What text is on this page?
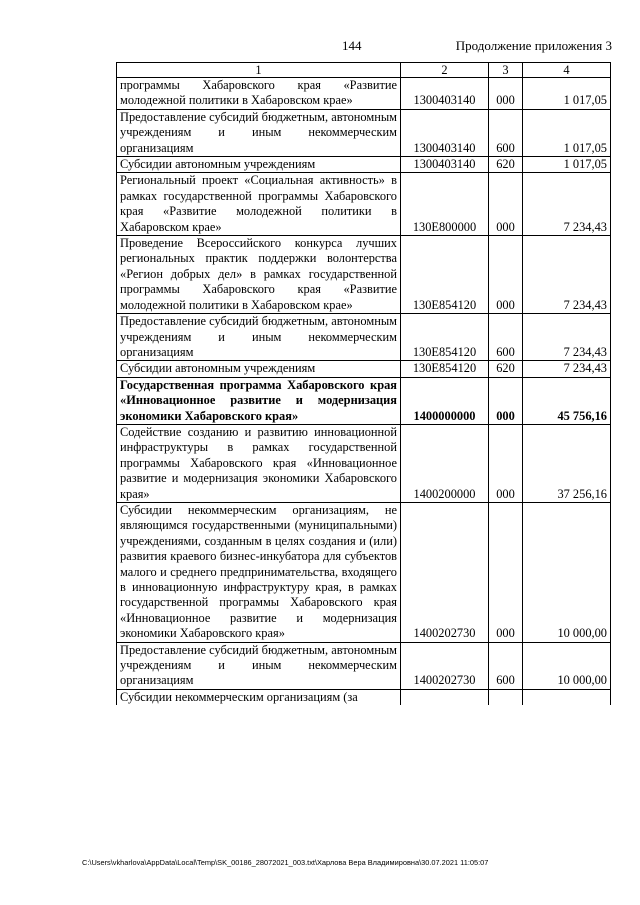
144	Продолжение приложения 3
1	2	3	4
программы Хабаровского края «Развитие молодежной политики в Хабаровском крае»	1300403140	000	1 017,05
Предоставление субсидий бюджетным, автономным учреждениям и иным некоммерческим организациям	1300403140	600	1 017,05
Субсидии автономным учреждениям	1300403140	620	1 017,05
Региональный проект «Социальная активность» в рамках государственной программы Хабаровского края «Развитие молодежной политики в Хабаровском крае»	130E800000	000	7 234,43
Проведение Всероссийского конкурса лучших региональных практик поддержки волонтерства «Регион добрых дел» в рамках государственной программы Хабаровского края «Развитие молодежной политики в Хабаровском крае»	130E854120	000	7 234,43
Предоставление субсидий бюджетным, автономным учреждениям и иным некоммерческим организациям	130E854120	600	7 234,43
Субсидии автономным учреждениям	130E854120	620	7 234,43
Государственная программа Хабаровского края «Инновационное развитие и модернизация экономики Хабаровского края»	1400000000	000	45 756,16
Содействие созданию и развитию инновационной инфраструктуры в рамках государственной программы Хабаровского края «Инновационное развитие и модернизация экономики Хабаровского края»	1400200000	000	37 256,16
Субсидии некоммерческим организациям, не являющимся государственными (муниципальными) учреждениями, созданным в целях создания и (или) развития краевого бизнес-инкубатора для субъектов малого и среднего предпринимательства, входящего в инновационную инфраструктуру края, в рамках государственной программы Хабаровского края «Инновационное развитие и модернизация экономики Хабаровского края»	1400202730	000	10 000,00
Предоставление субсидий бюджетным, автономным учреждениям и иным некоммерческим организациям	1400202730	600	10 000,00
Субсидии некоммерческим организациям (за			
C:\Users\vkharlova\AppData\Local\Temp\SK_00186_28072021_003.txt\Харлова Вера Владимировна\30.07.2021 11:05:07
